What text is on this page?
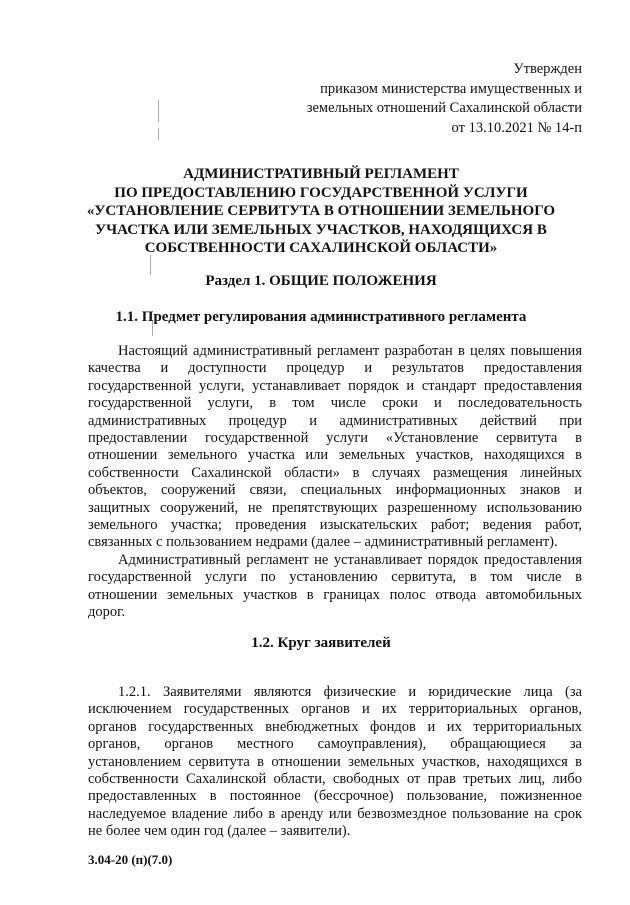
Утвержден
приказом министерства имущественных и
земельных отношений Сахалинской области
от 13.10.2021 № 14-п
АДМИНИСТРАТИВНЫЙ РЕГЛАМЕНТ
ПО ПРЕДОСТАВЛЕНИЮ ГОСУДАРСТВЕННОЙ УСЛУГИ
«УСТАНОВЛЕНИЕ СЕРВИТУТА В ОТНОШЕНИИ ЗЕМЕЛЬНОГО
УЧАСТКА ИЛИ ЗЕМЕЛЬНЫХ УЧАСТКОВ, НАХОДЯЩИХСЯ В
СОБСТВЕННОСТИ САХАЛИНСКОЙ ОБЛАСТИ»
Раздел 1. ОБЩИЕ ПОЛОЖЕНИЯ
1.1. Предмет регулирования административного регламента
Настоящий административный регламент разработан в целях повышения
качества и доступности процедур и результатов предоставления
государственной услуги, устанавливает порядок и стандарт предоставления
государственной услуги, в том числе сроки и последовательность
административных процедур и административных действий при
предоставлении государственной услуги «Установление сервитута в
отношении земельного участка или земельных участков, находящихся в
собственности Сахалинской области» в случаях размещения линейных
объектов, сооружений связи, специальных информационных знаков и
защитных сооружений, не препятствующих разрешенному использованию
земельного участка; проведения изыскательских работ; ведения работ,
связанных с пользованием недрами (далее – административный регламент).
Административный регламент не устанавливает порядок предоставления
государственной услуги по установлению сервитута, в том числе в
отношении земельных участков в границах полос отвода автомобильных
дорог.
1.2. Круг заявителей
1.2.1. Заявителями являются физические и юридические лица (за
исключением государственных органов и их территориальных органов,
органов государственных внебюджетных фондов и их территориальных
органов, органов местного самоуправления), обращающиеся за
установлением сервитута в отношении земельных участков, находящихся в
собственности Сахалинской области, свободных от прав третьих лиц, либо
предоставленных в постоянное (бессрочное) пользование, пожизненное
наследуемое владение либо в аренду или безвозмездное пользование на срок
не более чем один год (далее – заявители).
3.04-20 (п)(7.0)
